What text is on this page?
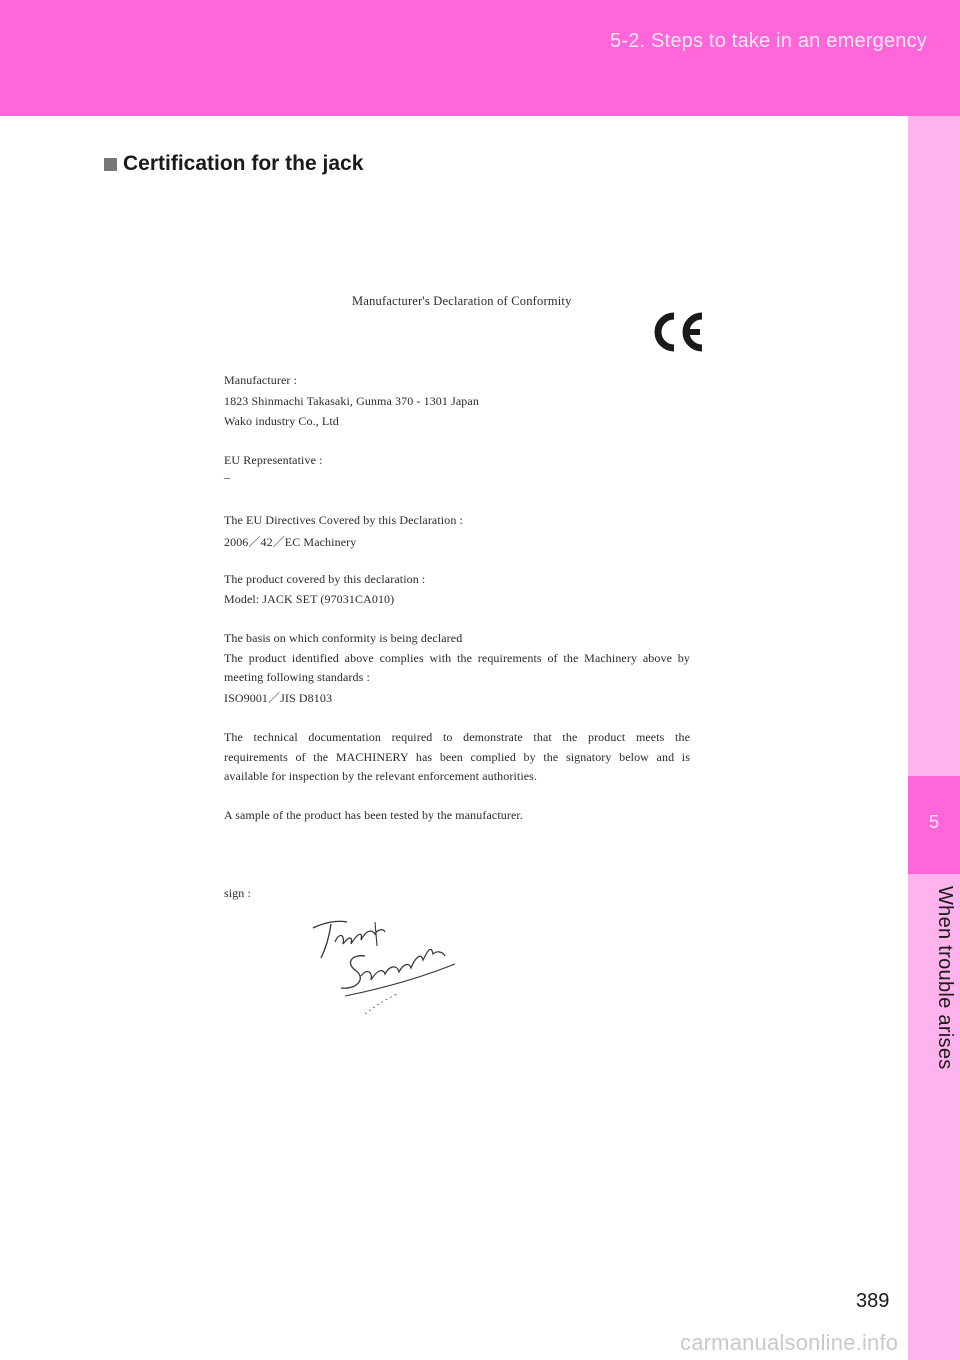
5-2. Steps to take in an emergency
5
When trouble arises
Certification for the jack
Manufacturer's Declaration of Conformity
Manufacturer :
1823 Shinmachi Takasaki, Gunma 370 - 1301 Japan
Wako industry Co., Ltd
EU Representative :
–
The EU Directives Covered by this Declaration :
2006／42／EC Machinery
The product covered by this declaration :
Model: JACK SET (97031CA010)
The basis on which conformity is being declared
The product identified above complies with the requirements of the Machinery above by
meeting following standards :
ISO9001／JIS D8103
The technical documentation required to demonstrate that the product meets the
requirements of the MACHINERY has been complied by the signatory below and is
available for inspection by the relevant enforcement authorities.
A sample of the product has been tested by the manufacturer.
sign :
389
carmanualsonline.info
